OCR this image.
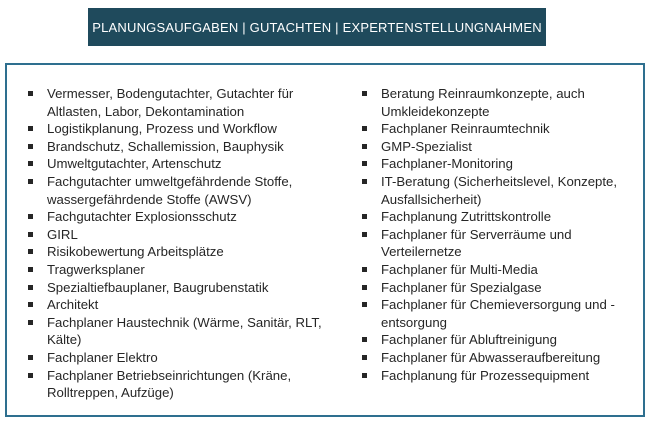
PLANUNGSAUFGABEN | GUTACHTEN | EXPERTENSTELLUNGNAHMEN
Vermesser, Bodengutachter, Gutachter für Altlasten, Labor, Dekontamination
Logistikplanung, Prozess und Workflow
Brandschutz, Schallemission, Bauphysik
Umweltgutachter, Artenschutz
Fachgutachter umweltgefährdende Stoffe, wassergefährdende Stoffe (AWSV)
Fachgutachter Explosionsschutz
GIRL
Risikobewertung Arbeitsplätze
Tragwerksplaner
Spezialtiefbauplaner, Baugrubenstatik
Architekt
Fachplaner Haustechnik (Wärme, Sanitär, RLT, Kälte)
Fachplaner Elektro
Fachplaner Betriebseinrichtungen (Kräne, Rolltreppen, Aufzüge)
Beratung Reinraumkonzepte, auch Umkleidekonzepte
Fachplaner Reinraumtechnik
GMP-Spezialist
Fachplaner-Monitoring
IT-Beratung (Sicherheitslevel, Konzepte, Ausfallsicherheit)
Fachplanung Zutrittskontrolle
Fachplaner für Serverräume und Verteilernetze
Fachplaner für Multi-Media
Fachplaner für Spezialgase
Fachplaner für Chemieversorgung und -entsorgung
Fachplaner für Abluftreinigung
Fachplaner für Abwasseraufbereitung
Fachplanung für Prozessequipment
